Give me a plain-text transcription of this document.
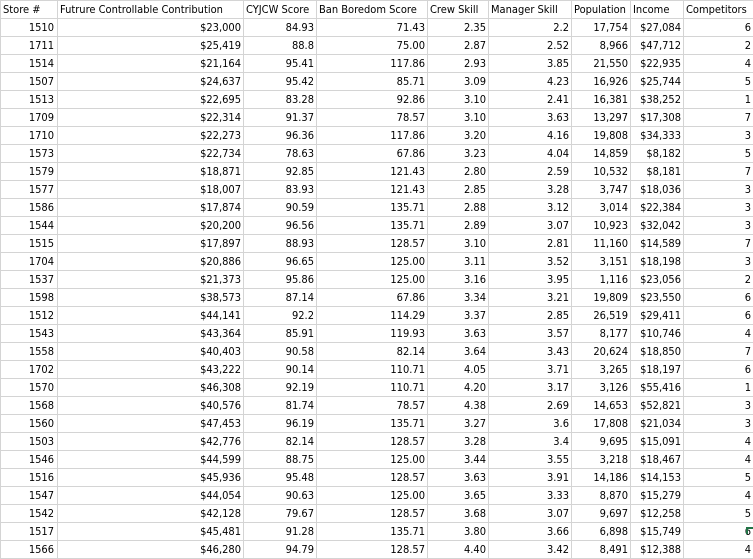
Store #	Futrure Controllable Contribution	CYJCW Score	Ban Boredom Score	Crew Skill	Manager Skill	Population	Income	Competitors
1510	$23,000	84.93	71.43	2.35	2.2	17,754	$27,084	6
1711	$25,419	88.8	75.00	2.87	2.52	8,966	$47,712	2
1514	$21,164	95.41	117.86	2.93	3.85	21,550	$22,935	4
1507	$24,637	95.42	85.71	3.09	4.23	16,926	$25,744	5
1513	$22,695	83.28	92.86	3.10	2.41	16,381	$38,252	1
1709	$22,314	91.37	78.57	3.10	3.63	13,297	$17,308	7
1710	$22,273	96.36	117.86	3.20	4.16	19,808	$34,333	3
1573	$22,734	78.63	67.86	3.23	4.04	14,859	$8,182	5
1579	$18,871	92.85	121.43	2.80	2.59	10,532	$8,181	7
1577	$18,007	83.93	121.43	2.85	3.28	3,747	$18,036	3
1586	$17,874	90.59	135.71	2.88	3.12	3,014	$22,384	3
1544	$20,200	96.56	135.71	2.89	3.07	10,923	$32,042	3
1515	$17,897	88.93	128.57	3.10	2.81	11,160	$14,589	7
1704	$20,886	96.65	125.00	3.11	3.52	3,151	$18,198	3
1537	$21,373	95.86	125.00	3.16	3.95	1,116	$23,056	2
1598	$38,573	87.14	67.86	3.34	3.21	19,809	$23,550	6
1512	$44,141	92.2	114.29	3.37	2.85	26,519	$29,411	6
1543	$43,364	85.91	119.93	3.63	3.57	8,177	$10,746	4
1558	$40,403	90.58	82.14	3.64	3.43	20,624	$18,850	7
1702	$43,222	90.14	110.71	4.05	3.71	3,265	$18,197	6
1570	$46,308	92.19	110.71	4.20	3.17	3,126	$55,416	1
1568	$40,576	81.74	78.57	4.38	2.69	14,653	$52,821	3
1560	$47,453	96.19	135.71	3.27	3.6	17,808	$21,034	3
1503	$42,776	82.14	128.57	3.28	3.4	9,695	$15,091	4
1546	$44,599	88.75	125.00	3.44	3.55	3,218	$18,467	4
1516	$45,936	95.48	128.57	3.63	3.91	14,186	$14,153	5
1547	$44,054	90.63	125.00	3.65	3.33	8,870	$15,279	4
1542	$42,128	79.67	128.57	3.68	3.07	9,697	$12,258	5
1517	$45,481	91.28	135.71	3.80	3.66	6,898	$15,749	6
1566	$46,280	94.79	128.57	4.40	3.42	8,491	$12,388	4
